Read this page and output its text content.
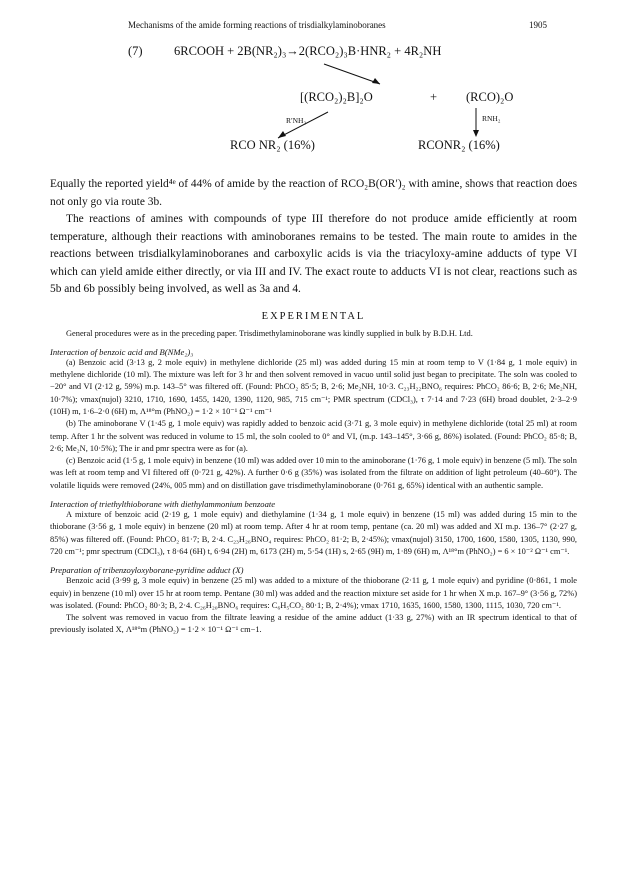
Mechanisms of the amide forming reactions of trisdialkylaminoboranes	1905
(7)	6RCOOH + 2B(NR₂)₃→2(RCO₂)₃B·HNR₂ + 4R₂NH
[(RCO₂)₂B]₂O	+ (RCO)₂O
R′NH₂	RNH₂
RCO NR₂ (16%)	RCONR₂ (16%)

Equally the reported yield⁴ᵉ of 44% of amide by the reaction of RCO₂B(OR′)₂ with amine, shows that reaction does not only go via route 3b.

The reactions of amines with compounds of type III therefore do not produce amide efficiently at room temperature, although their reactions with aminoboranes remains to be tested. The main route to amides in the reactions between trisdialkylaminoboranes and carboxylic acids is via the triacyloxy-amine adducts of type VI which can yield amide either directly, or via III and IV. The exact route to adducts VI is not clear, reactions such as 5b and 6b possibly being involved, as well as 3a and 4.

EXPERIMENTAL

General procedures were as in the preceding paper. Trisdimethylaminoborane was kindly supplied in bulk by B.D.H. Ltd.

Interaction of benzoic acid and B(NMe₂)₃

(a) Benzoic acid (3·13 g, 2 mole equiv) in methylene dichloride (25 ml) was added during 15 min at room temp to V (1·84 g, 1 mole equiv) in methylene dichloride (10 ml). The mixture was left for 3 hr and then solvent removed in vacuo until solid just began to precipitate. The soln was cooled to −20° and VI (2·12 g, 59%) m.p. 143–5° was filtered off. (Found: PhCO₂ 85·5; B, 2·6; Me₂NH, 10·3. C₂₃H₂₂BNO₆ requires: PhCO₂ 86·6; B, 2·6; Me₂NH, 10·7%); νmax(nujol) 3210, 1710, 1690, 1455, 1420, 1390, 1120, 985, 715 cm⁻¹; PMR spectrum (CDCl₃), τ 7·14 and 7·23 (6H) broad doublet, 2·3–2·9 (10H) m, 1·6–2·0 (6H) m, Λ¹⁸°m (PhNO₂) = 1·2 × 10⁻¹ Ω⁻¹ cm⁻¹

(b) The aminoborane V (1·45 g, 1 mole equiv) was rapidly added to benzoic acid (3·71 g, 3 mole equiv) in methylene dichloride (total 25 ml) at room temp. After 1 hr the solvent was reduced in volume to 15 ml, the soln cooled to 0° and VI, (m.p. 143–145°, 3·66 g, 86%) isolated. (Found: PhCO₂ 85·8; B, 2·6; Me₂N, 10·5%); The ir and pmr spectra were as for (a).

(c) Benzoic acid (1·5 g, 1 mole equiv) in benzene (10 ml) was added over 10 min to the aminoborane (1·76 g, 1 mole equiv) in benzene (5 ml). The soln was left at room temp and VI filtered off (0·721 g, 42%). A further 0·6 g (35%) was isolated from the filtrate on addition of light petroleum (40–60°). The volatile liquids were removed (24%, 005 mm) and on distillation gave trisdimethylaminoborane (0·761 g, 65%) identical with an authentic sample.

Interaction of triethylthioborane with diethylammonium benzoate

A mixture of benzoic acid (2·19 g, 1 mole equiv) and diethylamine (1·34 g, 1 mole equiv) in benzene (15 ml) was added during 15 min to the thioborane (3·56 g, 1 mole equiv) in benzene (20 ml) at room temp. After 4 hr at room temp, pentane (ca. 20 ml) was added and XI m.p. 136–7° (2·27 g, 85%) was filtered off. (Found: PhCO₂ 81·7; B, 2·4. C₂₃H₂₆BNO₄ requires: PhCO₂ 81·2; B, 2·45%); νmax(nujol) 3150, 1700, 1600, 1580, 1305, 1130, 990, 720 cm⁻¹; pmr spectrum (CDCl₃), τ 8·64 (6H) t, 6·94 (2H) m, 6173 (2H) m, 5·54 (1H) s, 2·65 (9H) m, 1·89 (6H) m, Λ¹⁸°m (PhNO₂) = 6 × 10⁻² Ω⁻¹ cm⁻¹.

Preparation of tribenzoyloxyborane-pyridine adduct (X)

Benzoic acid (3·99 g, 3 mole equiv) in benzene (25 ml) was added to a mixture of the thioborane (2·11 g, 1 mole equiv) and pyridine (0·861, 1 mole equiv) in benzene (10 ml) over 15 hr at room temp. Pentane (30 ml) was added and the reaction mixture set aside for 1 hr when X m.p. 167–9° (3·56 g, 72%) was isolated. (Found: PhCO₂ 80·3; B, 2·4. C₂₆H₂₀BNO₆ requires: C₆H₅CO₂ 80·1; B, 2·4%); νmax 1710, 1635, 1600, 1580, 1300, 1115, 1030, 720 cm⁻¹.

The solvent was removed in vacuo from the filtrate leaving a residue of the amine adduct (1·33 g, 27%) with an IR spectrum identical to that of previously isolated X, Λ¹⁸°m (PhNO₂) = 1·2 × 10⁻¹ Ω⁻¹ cm−1.
